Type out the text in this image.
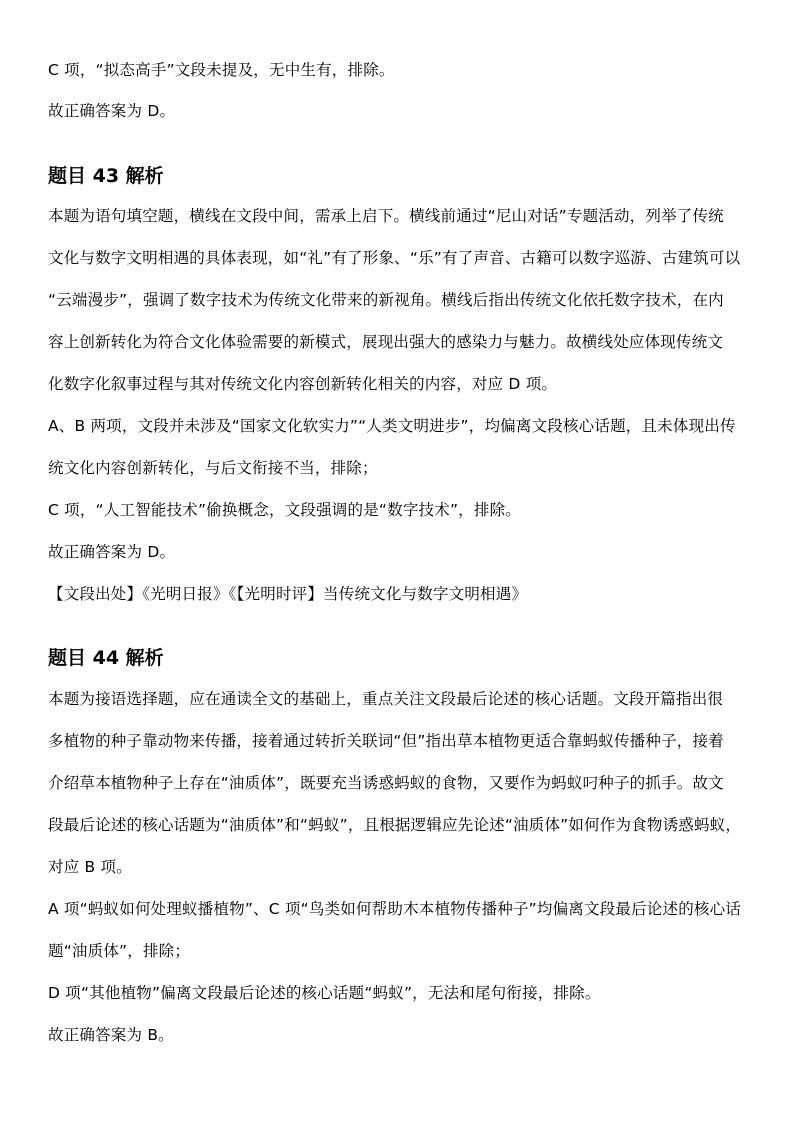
C 项，“拟态高手”文段未提及，无中生有，排除。

故正确答案为 D。

题目 43 解析

本题为语句填空题，横线在文段中间，需承上启下。横线前通过“尼山对话”专题活动，列举了传统

文化与数字文明相遇的具体表现，如“礼”有了形象、“乐”有了声音、古籍可以数字巡游、古建筑可以

“云端漫步”，强调了数字技术为传统文化带来的新视角。横线后指出传统文化依托数字技术，在内

容上创新转化为符合文化体验需要的新模式，展现出强大的感染力与魅力。故横线处应体现传统文

化数字化叙事过程与其对传统文化内容创新转化相关的内容，对应 D 项。

A、B 两项，文段并未涉及“国家文化软实力”“人类文明进步”，均偏离文段核心话题，且未体现出传

统文化内容创新转化，与后文衔接不当，排除；

C 项，“人工智能技术”偷换概念，文段强调的是“数字技术”，排除。

故正确答案为 D。

【文段出处】《光明日报》《【光明时评】当传统文化与数字文明相遇》

题目 44 解析

本题为接语选择题，应在通读全文的基础上，重点关注文段最后论述的核心话题。文段开篇指出很

多植物的种子靠动物来传播，接着通过转折关联词“但”指出草本植物更适合靠蚂蚁传播种子，接着

介绍草本植物种子上存在“油质体”，既要充当诱惑蚂蚁的食物，又要作为蚂蚁叼种子的抓手。故文

段最后论述的核心话题为“油质体”和“蚂蚁”，且根据逻辑应先论述“油质体”如何作为食物诱惑蚂蚁，

对应 B 项。

A 项“蚂蚁如何处理蚁播植物”、C 项“鸟类如何帮助木本植物传播种子”均偏离文段最后论述的核心话

题“油质体”，排除；

D 项“其他植物”偏离文段最后论述的核心话题“蚂蚁”，无法和尾句衔接，排除。

故正确答案为 B。
